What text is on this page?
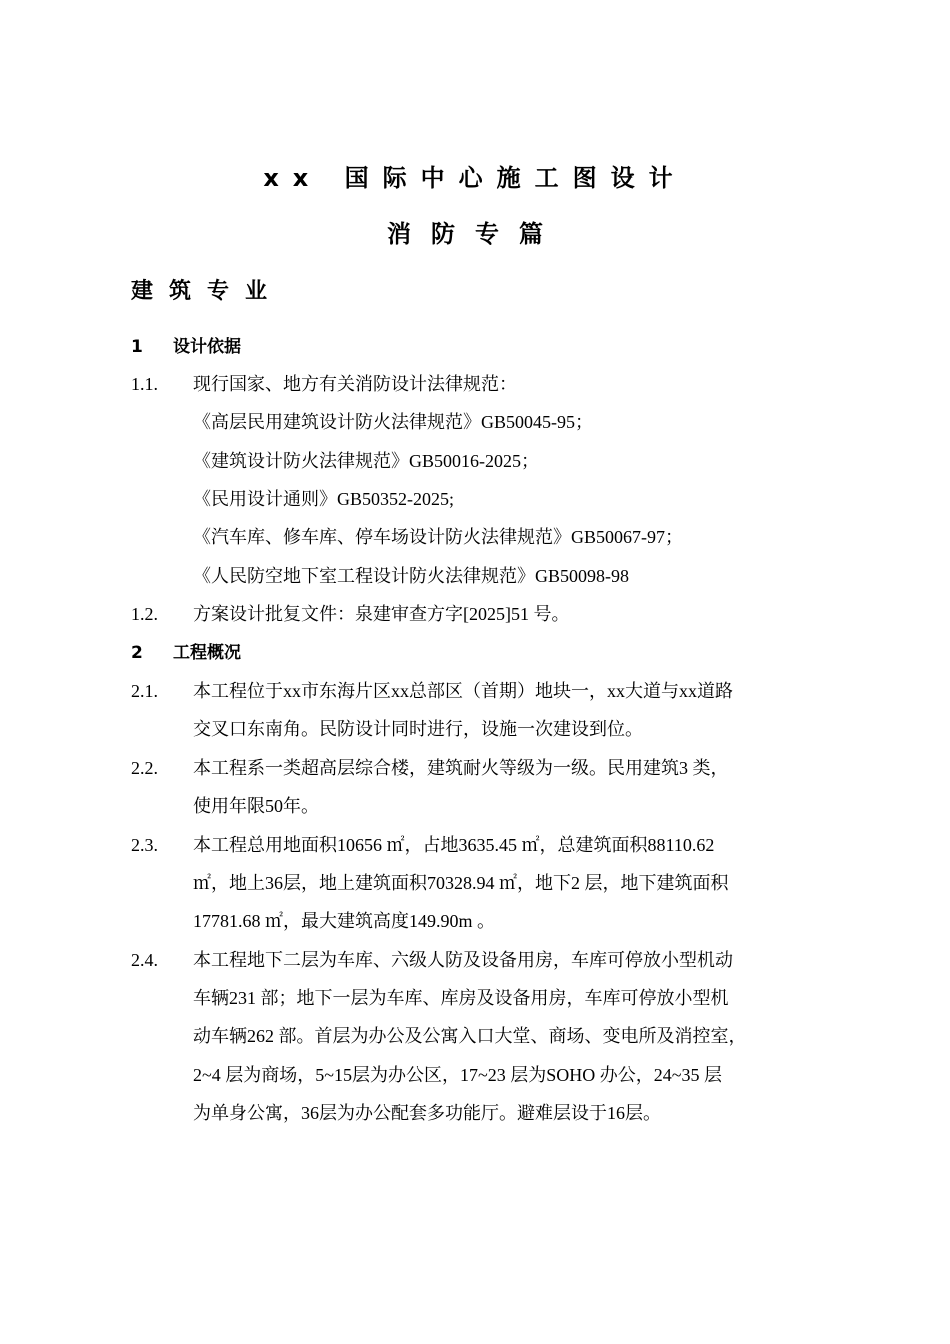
xx 国际中心施工图设计
消防专篇
建筑专业
1 设计依据
1.1. 现行国家、地方有关消防设计法律规范：
《高层民用建筑设计防火法律规范》GB50045-95；
《建筑设计防火法律规范》GB50016-2025；
《民用设计通则》GB50352-2025;
《汽车库、修车库、停车场设计防火法律规范》GB50067-97；
《人民防空地下室工程设计防火法律规范》GB50098-98
1.2. 方案设计批复文件：泉建审查方字[2025]51 号。
2 工程概况
2.1. 本工程位于xx市东海片区xx总部区（首期）地块一，xx大道与xx道路
交叉口东南角。民防设计同时进行，设施一次建设到位。
2.2. 本工程系一类超高层综合楼，建筑耐火等级为一级。民用建筑3 类，
使用年限50年。
2.3. 本工程总用地面积10656 ㎡，占地3635.45 ㎡，总建筑面积88110.62
㎡，地上36层，地上建筑面积70328.94 ㎡，地下2 层，地下建筑面积
17781.68 ㎡，最大建筑高度149.90m 。
2.4. 本工程地下二层为车库、六级人防及设备用房，车库可停放小型机动
车辆231 部；地下一层为车库、库房及设备用房，车库可停放小型机
动车辆262 部。首层为办公及公寓入口大堂、商场、变电所及消控室，
2~4 层为商场，5~15层为办公区，17~23 层为SOHO 办公，24~35 层
为单身公寓，36层为办公配套多功能厅。避难层设于16层。
